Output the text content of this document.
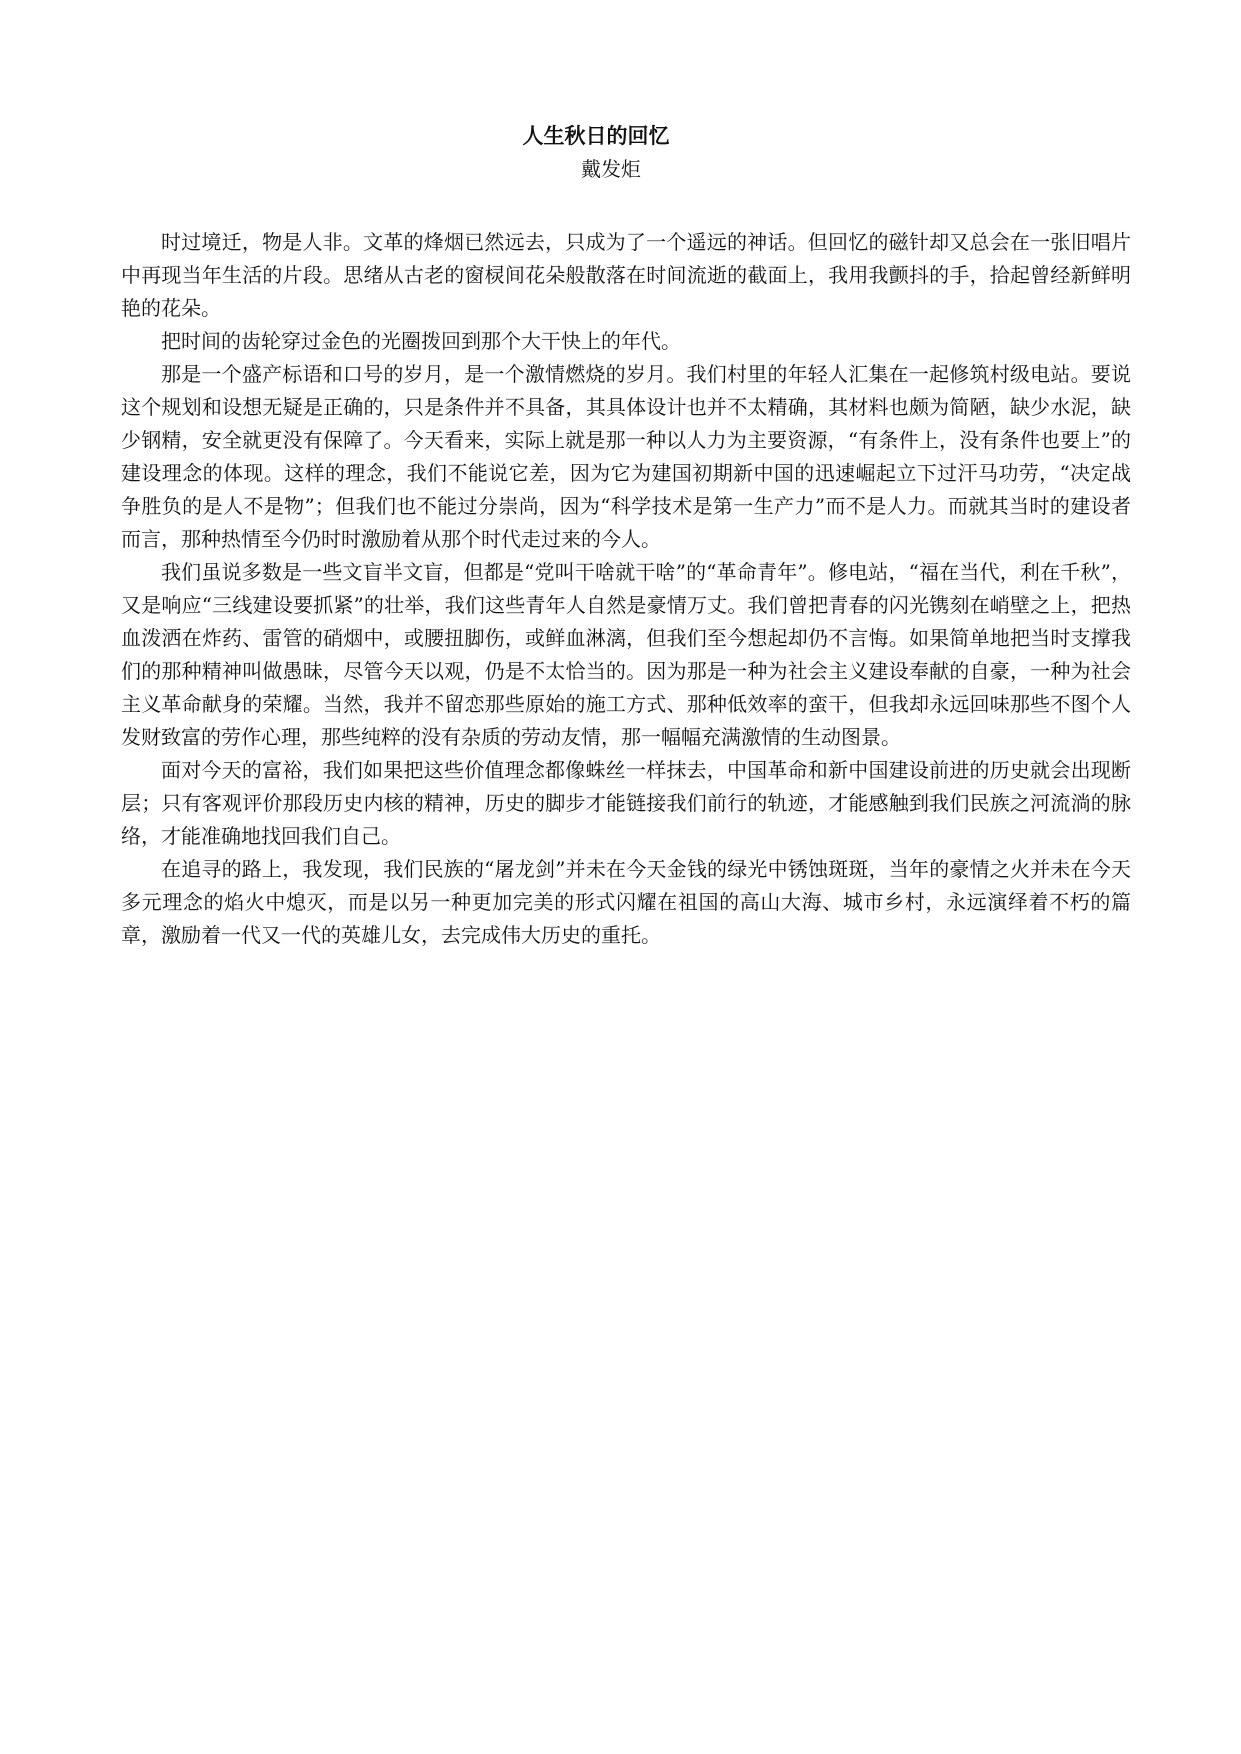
人生秋日的回忆
戴发炬

时过境迁，物是人非。文革的烽烟已然远去，只成为了一个遥远的神话。但回忆的磁针却又总会在一张旧唱片中再现当年生活的片段。思绪从古老的窗棂间花朵般散落在时间流逝的截面上，我用我颤抖的手，拾起曾经新鲜明艳的花朵。

把时间的齿轮穿过金色的光圈拨回到那个大干快上的年代。

那是一个盛产标语和口号的岁月，是一个激情燃烧的岁月。我们村里的年轻人汇集在一起修筑村级电站。要说这个规划和设想无疑是正确的，只是条件并不具备，其具体设计也并不太精确，其材料也颇为简陋，缺少水泥，缺少钢精，安全就更没有保障了。今天看来，实际上就是那一种以人力为主要资源，“有条件上，没有条件也要上”的建设理念的体现。这样的理念，我们不能说它差，因为它为建国初期新中国的迅速崛起立下过汗马功劳，“决定战争胜负的是人不是物”；但我们也不能过分崇尚，因为“科学技术是第一生产力”而不是人力。而就其当时的建设者而言，那种热情至今仍时时激励着从那个时代走过来的今人。

我们虽说多数是一些文盲半文盲，但都是“党叫干啥就干啥”的“革命青年”。修电站，“福在当代，利在千秋”，又是响应“三线建设要抓紧”的壮举，我们这些青年人自然是豪情万丈。我们曾把青春的闪光镌刻在峭壁之上，把热血泼洒在炸药、雷管的硝烟中，或腰扭脚伤，或鲜血淋漓，但我们至今想起却仍不言悔。如果简单地把当时支撑我们的那种精神叫做愚昧，尽管今天以观，仍是不太恰当的。因为那是一种为社会主义建设奉献的自豪，一种为社会主义革命献身的荣耀。当然，我并不留恋那些原始的施工方式、那种低效率的蛮干，但我却永远回味那些不图个人发财致富的劳作心理，那些纯粹的没有杂质的劳动友情，那一幅幅充满激情的生动图景。

面对今天的富裕，我们如果把这些价值理念都像蛛丝一样抹去，中国革命和新中国建设前进的历史就会出现断层；只有客观评价那段历史内核的精神，历史的脚步才能链接我们前行的轨迹，才能感触到我们民族之河流淌的脉络，才能准确地找回我们自己。

在追寻的路上，我发现，我们民族的“屠龙剑”并未在今天金钱的绿光中锈蚀斑斑，当年的豪情之火并未在今天多元理念的焰火中熄灭，而是以另一种更加完美的形式闪耀在祖国的高山大海、城市乡村，永远演绎着不朽的篇章，激励着一代又一代的英雄儿女，去完成伟大历史的重托。
